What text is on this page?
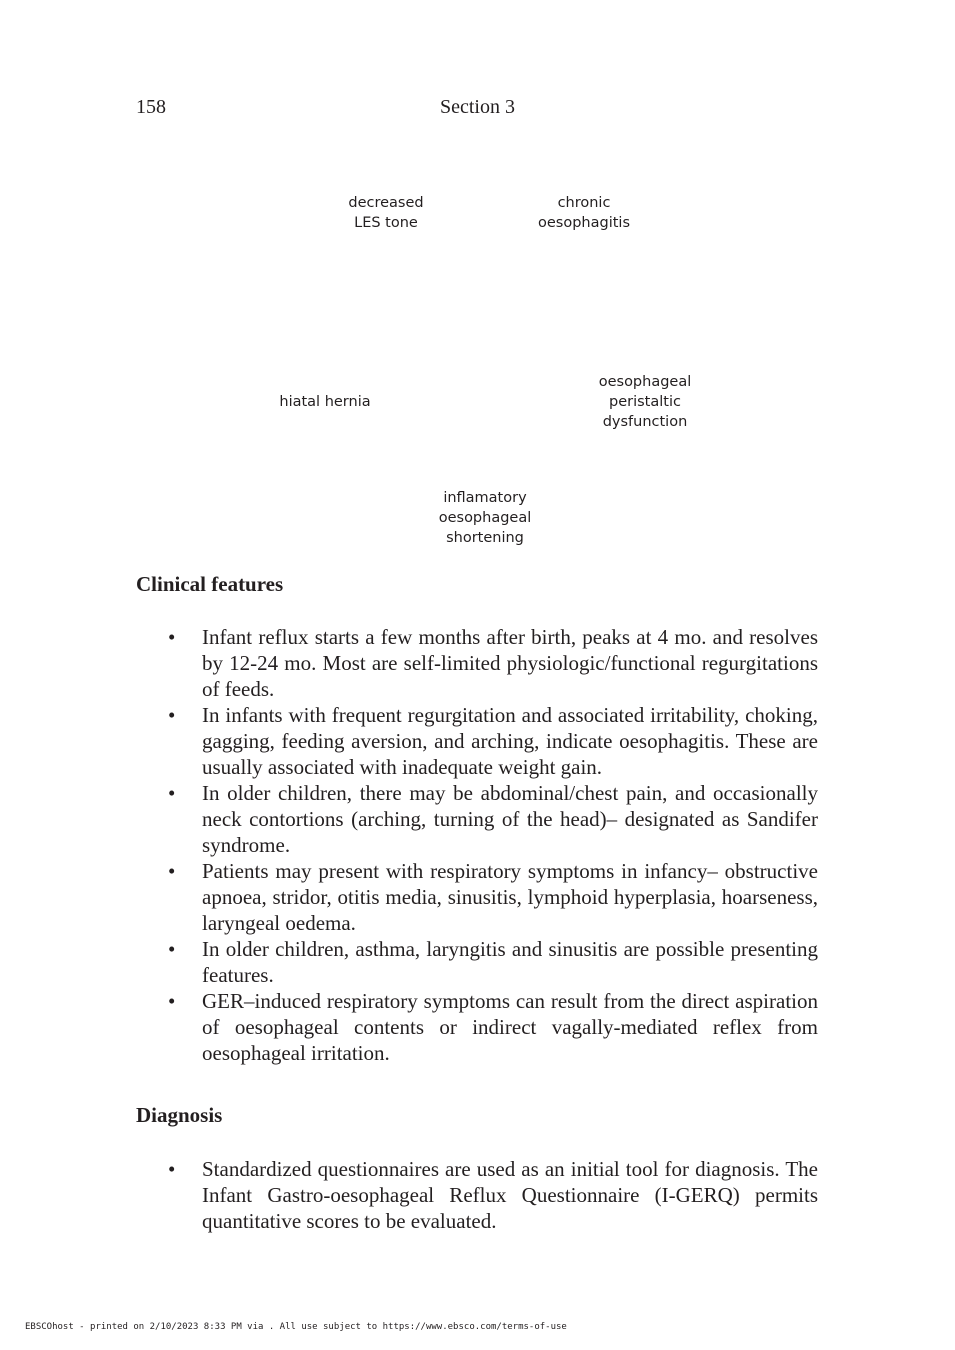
158	Section 3
decreased
LES tone
chronic
oesophagitis
hiatal hernia
oesophageal
peristaltic
dysfunction
inflamatory
oesophageal
shortening
Clinical features
• Infant reflux starts a few months after birth, peaks at 4 mo. and resolves by 12-24 mo. Most are self-limited physiologic/functional regurgitations of feeds.
• In infants with frequent regurgitation and associated irritability, choking, gagging, feeding aversion, and arching, indicate oesophagitis. These are usually associated with inadequate weight gain.
• In older children, there may be abdominal/chest pain, and occasionally neck contortions (arching, turning of the head)– designated as Sandifer syndrome.
• Patients may present with respiratory symptoms in infancy– obstructive apnoea, stridor, otitis media, sinusitis, lymphoid hyperplasia, hoarseness, laryngeal oedema.
• In older children, asthma, laryngitis and sinusitis are possible presenting features.
• GER–induced respiratory symptoms can result from the direct aspiration of oesophageal contents or indirect vagally-mediated reflex from oesophageal irritation.
Diagnosis
• Standardized questionnaires are used as an initial tool for diagnosis. The Infant Gastro-oesophageal Reflux Questionnaire (I-GERQ) permits quantitative scores to be evaluated.
EBSCOhost - printed on 2/10/2023 8:33 PM via . All use subject to https://www.ebsco.com/terms-of-use
